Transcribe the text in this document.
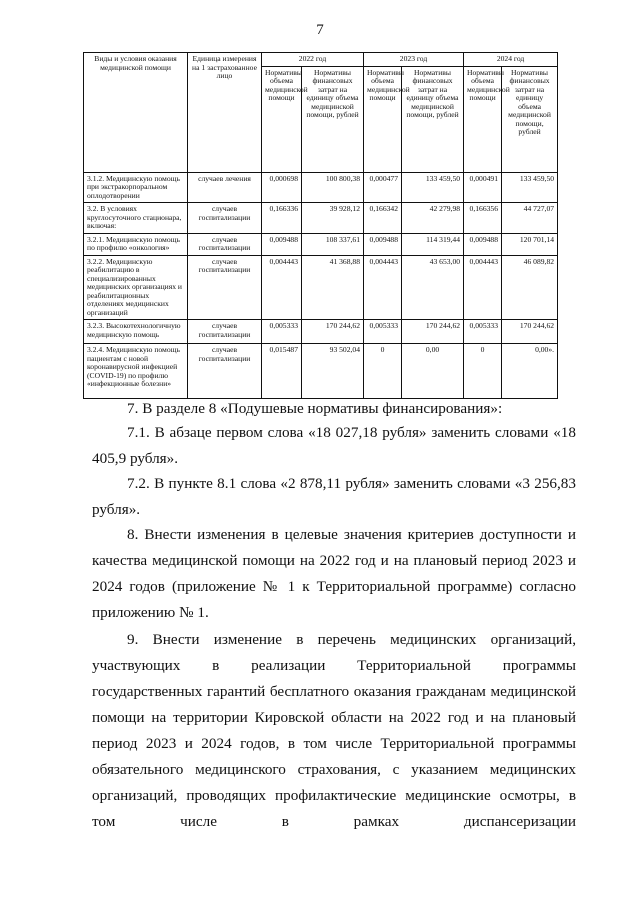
7
Виды и условия оказания медицинской помощи	Единица измерения на 1 застрахованное лицо	2022 год		2023 год		2024 год	
		Нормативы объема медицинской помощи	Нормативы финансовых затрат на единицу объема медицинской помощи, рублей	Нормативы объема медицинской помощи	Нормативы финансовых затрат на единицу объема медицинской помощи, рублей	Нормативы объема медицинской помощи	Нормативы финансовых затрат на единицу объема медицинской помощи, рублей
3.1.2. Медицинскую помощь при экстракорпоральном оплодотворении	случаев лечения	0,000698	100 800,38	0,000477	133 459,50	0,000491	133 459,50
3.2. В условиях круглосуточного стационара, включая:	случаев госпитализации	0,166336	39 928,12	0,166342	42 279,98	0,166356	44 727,07
3.2.1. Медицинскую помощь по профилю «онкология»	случаев госпитализации	0,009488	108 337,61	0,009488	114 319,44	0,009488	120 701,14
3.2.2. Медицинскую реабилитацию в специализированных медицинских организациях и реабилитационных отделениях медицинских организаций	случаев госпитализации	0,004443	41 368,88	0,004443	43 653,00	0,004443	46 089,82
3.2.3. Высокотехнологичную медицинскую помощь	случаев госпитализации	0,005333	170 244,62	0,005333	170 244,62	0,005333	170 244,62
3.2.4. Медицинскую помощь пациентам с новой коронавирусной инфекцией (COVID-19) по профилю «инфекционные болезни»	случаев госпитализации	0,015487	93 502,04	0	0,00	0	0,00».

7. В разделе 8 «Подушевые нормативы финансирования»:

7.1. В абзаце первом слова «18 027,18 рубля» заменить словами «18 405,9 рубля».

7.2. В пункте 8.1 слова «2 878,11 рубля» заменить словами «3 256,83 рубля».

8. Внести изменения в целевые значения критериев доступности и качества медицинской помощи на 2022 год и на плановый период 2023 и 2024 годов (приложение № 1 к Территориальной программе) согласно приложению № 1.

9. Внести изменение в перечень медицинских организаций, участвующих в реализации Территориальной программы государственных гарантий бесплатного оказания гражданам медицинской помощи на территории Кировской области на 2022 год и на плановый период 2023 и 2024 годов, в том числе Территориальной программы обязательного медицинского страхования, с указанием медицинских организаций, проводящих профилактические медицинские осмотры, в том числе в рамках диспансеризации
